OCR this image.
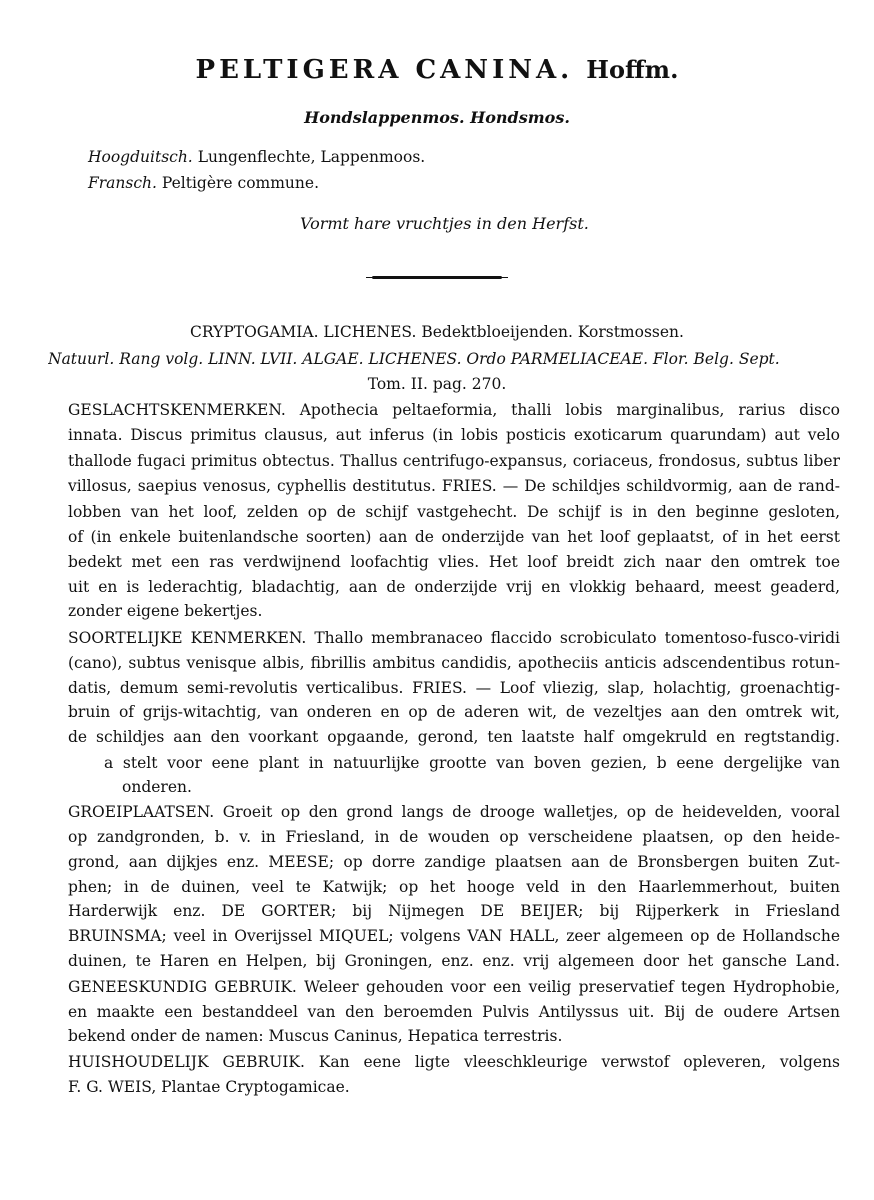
PELTIGERA CANINA. Hoffm.
Hondslappenmos. Hondsmos.
Hoogduitsch. Lungenflechte, Lappenmoos.
Fransch. Peltigère commune.
Vormt hare vruchtjes in den Herfst.
CRYPTOGAMIA. LICHENES. Bedektbloeijenden. Korstmossen.
Natuurl. Rang volg. LINN. LVII. ALGAE. LICHENES. Ordo PARMELIACEAE. Flor. Belg. Sept.
Tom. II. pag. 270.
GESLACHTSKENMERKEN. Apothecia peltaeformia, thalli lobis marginalibus, rarius disco
innata. Discus primitus clausus, aut inferus (in lobis posticis exoticarum quarundam) aut velo
thallode fugaci primitus obtectus. Thallus centrifugo-expansus, coriaceus, frondosus, subtus liber
villosus, saepius venosus, cyphellis destitutus. FRIES. — De schildjes schildvormig, aan de rand-
lobben van het loof, zelden op de schijf vastgehecht. De schijf is in den beginne gesloten,
of (in enkele buitenlandsche soorten) aan de onderzijde van het loof geplaatst, of in het eerst
bedekt met een ras verdwijnend loofachtig vlies. Het loof breidt zich naar den omtrek toe
uit en is lederachtig, bladachtig, aan de onderzijde vrij en vlokkig behaard, meest geaderd,
zonder eigene bekertjes.
SOORTELIJKE KENMERKEN. Thallo membranaceo flaccido scrobiculato tomentoso-fusco-viridi
(cano), subtus venisque albis, fibrillis ambitus candidis, apotheciis anticis adscendentibus rotun-
datis, demum semi-revolutis verticalibus. FRIES. — Loof vliezig, slap, holachtig, groenachtig-
bruin of grijs-witachtig, van onderen en op de aderen wit, de vezeltjes aan den omtrek wit,
de schildjes aan den voorkant opgaande, gerond, ten laatste half omgekruld en regtstandig.
a stelt voor eene plant in natuurlijke grootte van boven gezien, b eene dergelijke van
onderen.
GROEIPLAATSEN. Groeit op den grond langs de drooge walletjes, op de heidevelden, vooral
op zandgronden, b. v. in Friesland, in de wouden op verscheidene plaatsen, op den heide-
grond, aan dijkjes enz. MEESE; op dorre zandige plaatsen aan de Bronsbergen buiten Zut-
phen; in de duinen, veel te Katwijk; op het hooge veld in den Haarlemmerhout, buiten
Harderwijk enz. DE GORTER; bij Nijmegen DE BEIJER; bij Rijperkerk in Friesland
BRUINSMA; veel in Overijssel MIQUEL; volgens VAN HALL, zeer algemeen op de Hollandsche
duinen, te Haren en Helpen, bij Groningen, enz. enz. vrij algemeen door het gansche Land.
GENEESKUNDIG GEBRUIK. Weleer gehouden voor een veilig preservatief tegen Hydrophobie,
en maakte een bestanddeel van den beroemden Pulvis Antilyssus uit. Bij de oudere Artsen
bekend onder de namen: Muscus Caninus, Hepatica terrestris.
HUISHOUDELIJK GEBRUIK. Kan eene ligte vleeschkleurige verwstof opleveren, volgens
F. G. WEIS, Plantae Cryptogamicae.
